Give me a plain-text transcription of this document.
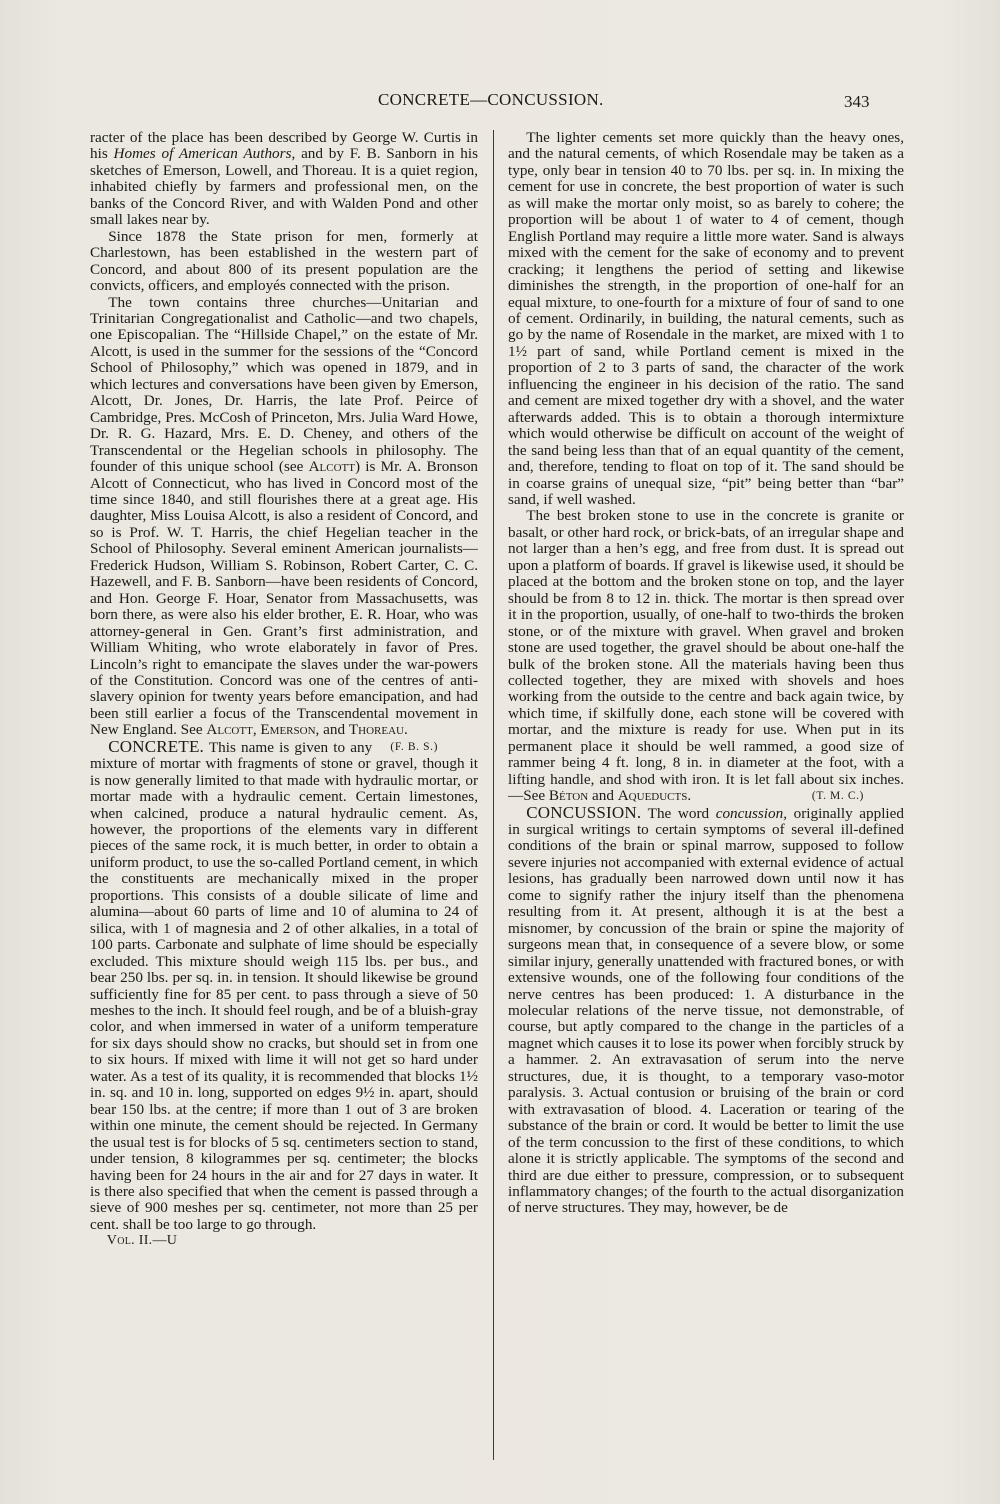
CONCRETE—CONCUSSION.	343

racter of the place has been described by George W. Curtis in his Homes of American Authors, and by F. B. Sanborn in his sketches of Emerson, Lowell, and Thoreau. It is a quiet region, inhabited chiefly by farmers and professional men, on the banks of the Concord River, and with Walden Pond and other small lakes near by.

Since 1878 the State prison for men, formerly at Charlestown, has been established in the western part of Concord, and about 800 of its present population are the convicts, officers, and employés connected with the prison.

The town contains three churches—Unitarian and Trinitarian Congregationalist and Catholic—and two chapels, one Episcopalian. The “Hillside Chapel,” on the estate of Mr. Alcott, is used in the summer for the sessions of the “Concord School of Philosophy,” which was opened in 1879, and in which lectures and conversations have been given by Emerson, Alcott, Dr. Jones, Dr. Harris, the late Prof. Peirce of Cambridge, Pres. McCosh of Princeton, Mrs. Julia Ward Howe, Dr. R. G. Hazard, Mrs. E. D. Cheney, and others of the Transcendental or the Hegelian schools in philosophy. The founder of this unique school (see Alcott) is Mr. A. Bronson Alcott of Connecticut, who has lived in Concord most of the time since 1840, and still flourishes there at a great age. His daughter, Miss Louisa Alcott, is also a resident of Concord, and so is Prof. W. T. Harris, the chief Hegelian teacher in the School of Philosophy. Several eminent American journalists—Frederick Hudson, William S. Robinson, Robert Carter, C. C. Hazewell, and F. B. Sanborn—have been residents of Concord, and Hon. George F. Hoar, Senator from Massachusetts, was born there, as were also his elder brother, E. R. Hoar, who was attorney-general in Gen. Grant’s first administration, and William Whiting, who wrote elaborately in favor of Pres. Lincoln’s right to emancipate the slaves under the war-powers of the Constitution. Concord was one of the centres of anti-slavery opinion for twenty years before emancipation, and had been still earlier a focus of the Transcendental movement in New England. See Alcott, Emerson, and Thoreau.
(F. B. S.)

CONCRETE. This name is given to any mixture of mortar with fragments of stone or gravel, though it is now generally limited to that made with hydraulic mortar, or mortar made with a hydraulic cement. Certain limestones, when calcined, produce a natural hydraulic cement. As, however, the proportions of the elements vary in different pieces of the same rock, it is much better, in order to obtain a uniform product, to use the so-called Portland cement, in which the constituents are mechanically mixed in the proper proportions. This consists of a double silicate of lime and alumina—about 60 parts of lime and 10 of alumina to 24 of silica, with 1 of magnesia and 2 of other alkalies, in a total of 100 parts. Carbonate and sulphate of lime should be especially excluded. This mixture should weigh 115 lbs. per bus., and bear 250 lbs. per sq. in. in tension. It should likewise be ground sufficiently fine for 85 per cent. to pass through a sieve of 50 meshes to the inch. It should feel rough, and be of a bluish-gray color, and when immersed in water of a uniform temperature for six days should show no cracks, but should set in from one to six hours. If mixed with lime it will not get so hard under water. As a test of its quality, it is recommended that blocks 1½ in. sq. and 10 in. long, supported on edges 9½ in. apart, should bear 150 lbs. at the centre; if more than 1 out of 3 are broken within one minute, the cement should be rejected. In Germany the usual test is for blocks of 5 sq. centimeters section to stand, under tension, 8 kilogrammes per sq. centimeter; the blocks having been for 24 hours in the air and for 27 days in water. It is there also specified that when the cement is passed through a sieve of 900 meshes per sq. centimeter, not more than 25 per cent. shall be too large to go through.

Vol. II.—U

The lighter cements set more quickly than the heavy ones, and the natural cements, of which Rosendale may be taken as a type, only bear in tension 40 to 70 lbs. per sq. in. In mixing the cement for use in concrete, the best proportion of water is such as will make the mortar only moist, so as barely to cohere; the proportion will be about 1 of water to 4 of cement, though English Portland may require a little more water. Sand is always mixed with the cement for the sake of economy and to prevent cracking; it lengthens the period of setting and likewise diminishes the strength, in the proportion of one-half for an equal mixture, to one-fourth for a mixture of four of sand to one of cement. Ordinarily, in building, the natural cements, such as go by the name of Rosendale in the market, are mixed with 1 to 1½ part of sand, while Portland cement is mixed in the proportion of 2 to 3 parts of sand, the character of the work influencing the engineer in his decision of the ratio. The sand and cement are mixed together dry with a shovel, and the water afterwards added. This is to obtain a thorough intermixture which would otherwise be difficult on account of the weight of the sand being less than that of an equal quantity of the cement, and, therefore, tending to float on top of it. The sand should be in coarse grains of unequal size, “pit” being better than “bar” sand, if well washed.

The best broken stone to use in the concrete is granite or basalt, or other hard rock, or brick-bats, of an irregular shape and not larger than a hen’s egg, and free from dust. It is spread out upon a platform of boards. If gravel is likewise used, it should be placed at the bottom and the broken stone on top, and the layer should be from 8 to 12 in. thick. The mortar is then spread over it in the proportion, usually, of one-half to two-thirds the broken stone, or of the mixture with gravel. When gravel and broken stone are used together, the gravel should be about one-half the bulk of the broken stone. All the materials having been thus collected together, they are mixed with shovels and hoes working from the outside to the centre and back again twice, by which time, if skilfully done, each stone will be covered with mortar, and the mixture is ready for use. When put in its permanent place it should be well rammed, a good size of rammer being 4 ft. long, 8 in. in diameter at the foot, with a lifting handle, and shod with iron. It is let fall about six inches.—See Béton and Aqueducts.	(T. M. C.)

CONCUSSION. The word concussion, originally applied in surgical writings to certain symptoms of several ill-defined conditions of the brain or spinal marrow, supposed to follow severe injuries not accompanied with external evidence of actual lesions, has gradually been narrowed down until now it has come to signify rather the injury itself than the phenomena resulting from it. At present, although it is at the best a misnomer, by concussion of the brain or spine the majority of surgeons mean that, in consequence of a severe blow, or some similar injury, generally unattended with fractured bones, or with extensive wounds, one of the following four conditions of the nerve centres has been produced: 1. A disturbance in the molecular relations of the nerve tissue, not demonstrable, of course, but aptly compared to the change in the particles of a magnet which causes it to lose its power when forcibly struck by a hammer. 2. An extravasation of serum into the nerve structures, due, it is thought, to a temporary vaso-motor paralysis. 3. Actual contusion or bruising of the brain or cord with extravasation of blood. 4. Laceration or tearing of the substance of the brain or cord. It would be better to limit the use of the term concussion to the first of these conditions, to which alone it is strictly applicable. The symptoms of the second and third are due either to pressure, compression, or to subsequent inflammatory changes; of the fourth to the actual disorganization of nerve structures. They may, however, be de
